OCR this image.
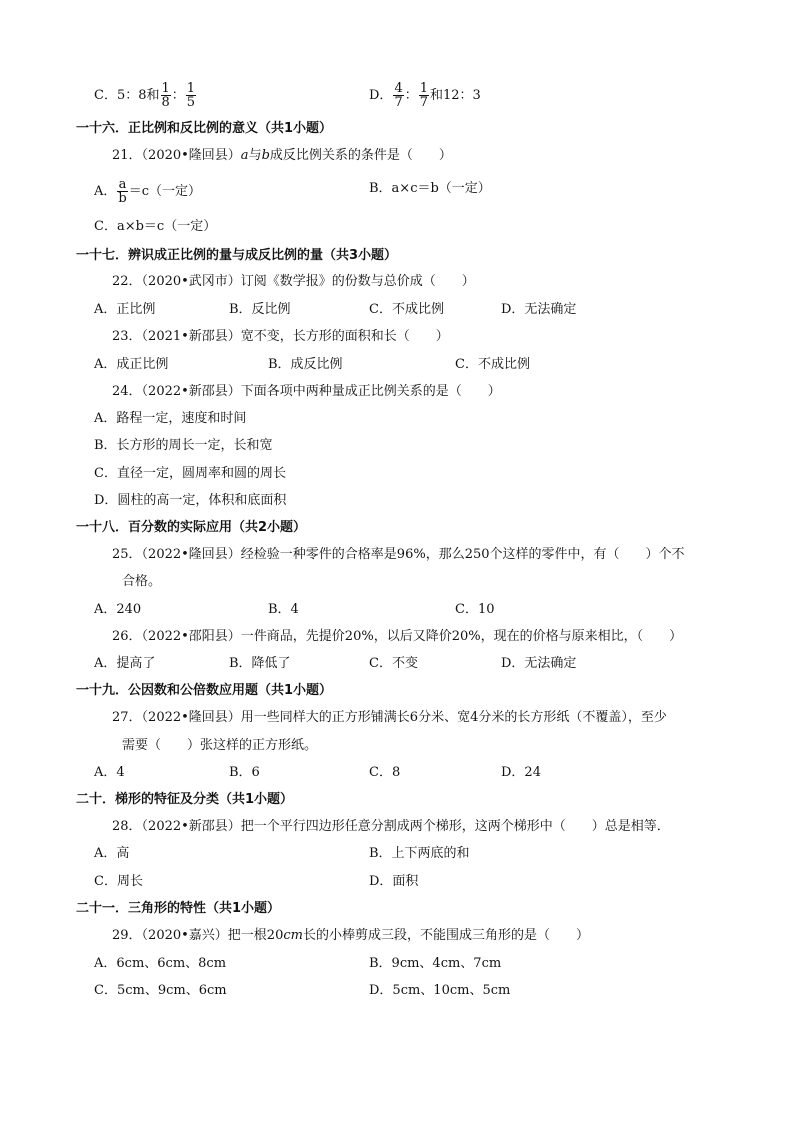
C．5：8和 $\frac{1}{8}$ ： $\frac{1}{5}$	D． $\frac{4}{7}$ ： $\frac{1}{7}$ 和12：3
一十六．正比例和反比例的意义（共1小题）
21．（2020•隆回县）a与b成反比例关系的条件是（　　）
A． $\frac{a}{b} =c$（一定）	B．a×c＝b（一定）
C．a×b＝c（一定）
一十七．辨识成正比例的量与成反比例的量（共3小题）
22．（2020•武冈市）订阅《数学报》的份数与总价成（　　）
A．正比例	B．反比例	C．不成比例	D．无法确定
23．（2021•新邵县）宽不变，长方形的面积和长（　　）
A．成正比例	B．成反比例	C．不成比例
24．（2022•新邵县）下面各项中两种量成正比例关系的是（　　）
A．路程一定，速度和时间
B．长方形的周长一定，长和宽
C．直径一定，圆周率和圆的周长
D．圆柱的高一定，体积和底面积
一十八．百分数的实际应用（共2小题）
25．（2022•隆回县）经检验一种零件的合格率是96%，那么250个这样的零件中，有（　　）个不
合格。
A．240	B．4	C．10
26．（2022•邵阳县）一件商品，先提价20%，以后又降价20%，现在的价格与原来相比，（　　）
A．提高了	B．降低了	C．不变	D．无法确定
一十九．公因数和公倍数应用题（共1小题）
27．（2022•隆回县）用一些同样大的正方形铺满长6分米、宽4分米的长方形纸（不覆盖），至少
需要（　　）张这样的正方形纸。
A．4	B．6	C．8	D．24
二十．梯形的特征及分类（共1小题）
28．（2022•新邵县）把一个平行四边形任意分割成两个梯形，这两个梯形中（　　）总是相等．
A．高	B．上下两底的和
C．周长	D．面积
二十一．三角形的特性（共1小题）
29．（2020•嘉兴）把一根20cm长的小棒剪成三段，不能围成三角形的是（　　）
A．6cm、6cm、8cm	B．9cm、4cm、7cm
C．5cm、9cm、6cm	D．5cm、10cm、5cm
